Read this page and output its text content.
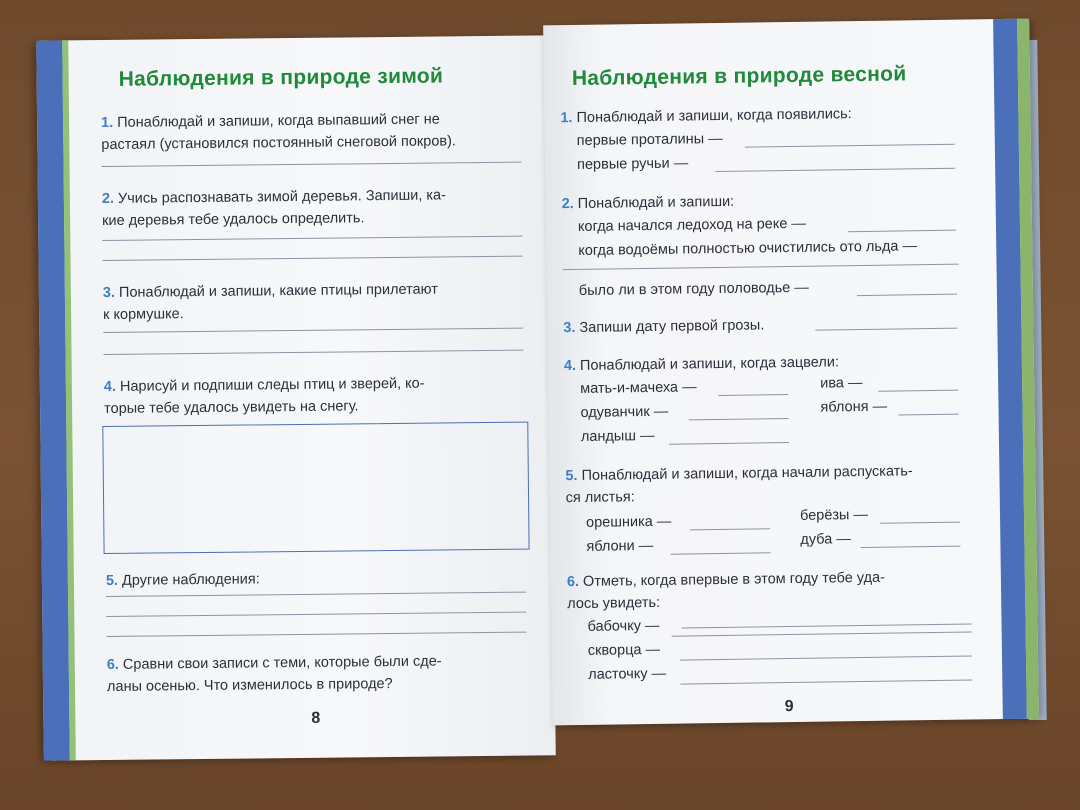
Наблюдения в природе зимой
1. Понаблюдай и запиши, когда выпавший снег не
растаял (установился постоянный снеговой покров).
2. Учись распознавать зимой деревья. Запиши, ка-
кие деревья тебе удалось определить.
3. Понаблюдай и запиши, какие птицы прилетают
к кормушке.
4. Нарисуй и подпиши следы птиц и зверей, ко-
торые тебе удалось увидеть на снегу.
5. Другие наблюдения:
6. Сравни свои записи с теми, которые были сде-
ланы осенью. Что изменилось в природе?
8
Наблюдения в природе весной
1. Понаблюдай и запиши, когда появились:
первые проталины —
первые ручьи —
2. Понаблюдай и запиши:
когда начался ледоход на реке —
когда водоёмы полностью очистились ото льда —
было ли в этом году половодье —
3. Запиши дату первой грозы.
4. Понаблюдай и запиши, когда зацвели:
мать-и-мачеха —	ива —
одуванчик —	яблоня —
ландыш —
5. Понаблюдай и запиши, когда начали распускать-
ся листья:
орешника —	берёзы —
яблони —	дуба —
6. Отметь, когда впервые в этом году тебе уда-
лось увидеть:
бабочку —
скворца —
ласточку —
9
